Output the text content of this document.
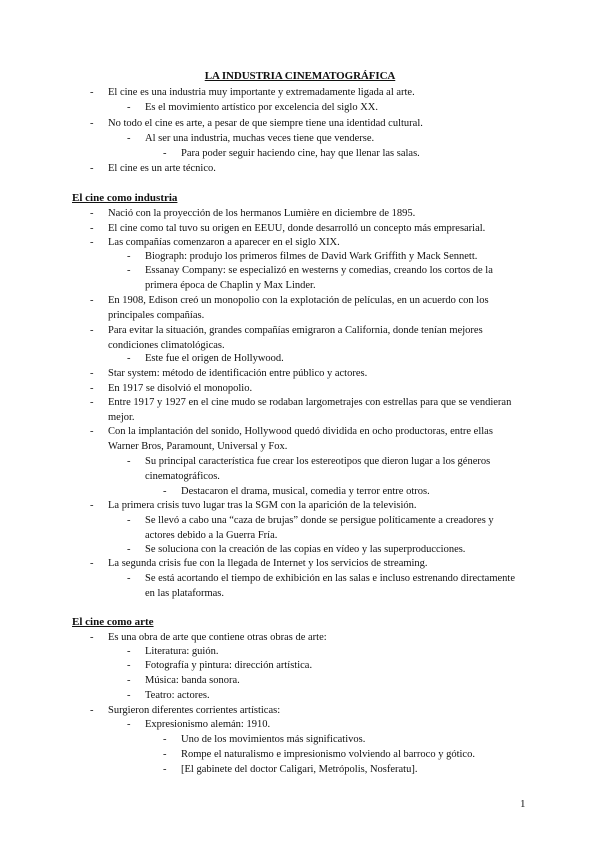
LA INDUSTRIA CINEMATOGRÁFICA
- El cine es una industria muy importante y extremadamente ligada al arte.
- Es el movimiento artístico por excelencia del siglo XX.
- No todo el cine es arte, a pesar de que siempre tiene una identidad cultural.
- Al ser una industria, muchas veces tiene que venderse.
- Para poder seguir haciendo cine, hay que llenar las salas.
- El cine es un arte técnico.
El cine como industria
- Nació con la proyección de los hermanos Lumière en diciembre de 1895.
- El cine como tal tuvo su origen en EEUU, donde desarrolló un concepto más empresarial.
- Las compañías comenzaron a aparecer en el siglo XIX.
- Biograph: produjo los primeros filmes de David Wark Griffith y Mack Sennett.
- Essanay Company: se especializó en westerns y comedias, creando los cortos de la primera época de Chaplin y Max Linder.
- En 1908, Edison creó un monopolio con la explotación de películas, en un acuerdo con los principales compañías.
- Para evitar la situación, grandes compañías emigraron a California, donde tenían mejores condiciones climatológicas.
- Este fue el origen de Hollywood.
- Star system: método de identificación entre público y actores.
- En 1917 se disolvió el monopolio.
- Entre 1917 y 1927 en el cine mudo se rodaban largometrajes con estrellas para que se vendieran mejor.
- Con la implantación del sonido, Hollywood quedó dividida en ocho productoras, entre ellas Warner Bros, Paramount, Universal y Fox.
- Su principal característica fue crear los estereotipos que dieron lugar a los géneros cinematográficos.
- Destacaron el drama, musical, comedia y terror entre otros.
- La primera crisis tuvo lugar tras la SGM con la aparición de la televisión.
- Se llevó a cabo una “caza de brujas” donde se persigue políticamente a creadores y actores debido a la Guerra Fría.
- Se soluciona con la creación de las copias en vídeo y las superproducciones.
- La segunda crisis fue con la llegada de Internet y los servicios de streaming.
- Se está acortando el tiempo de exhibición en las salas e incluso estrenando directamente en las plataformas.
El cine como arte
- Es una obra de arte que contiene otras obras de arte:
- Literatura: guión.
- Fotografía y pintura: dirección artística.
- Música: banda sonora.
- Teatro: actores.
- Surgieron diferentes corrientes artísticas:
- Expresionismo alemán: 1910.
- Uno de los movimientos más significativos.
- Rompe el naturalismo e impresionismo volviendo al barroco y gótico.
- [El gabinete del doctor Caligari, Metrópolis, Nosferatu].
1
